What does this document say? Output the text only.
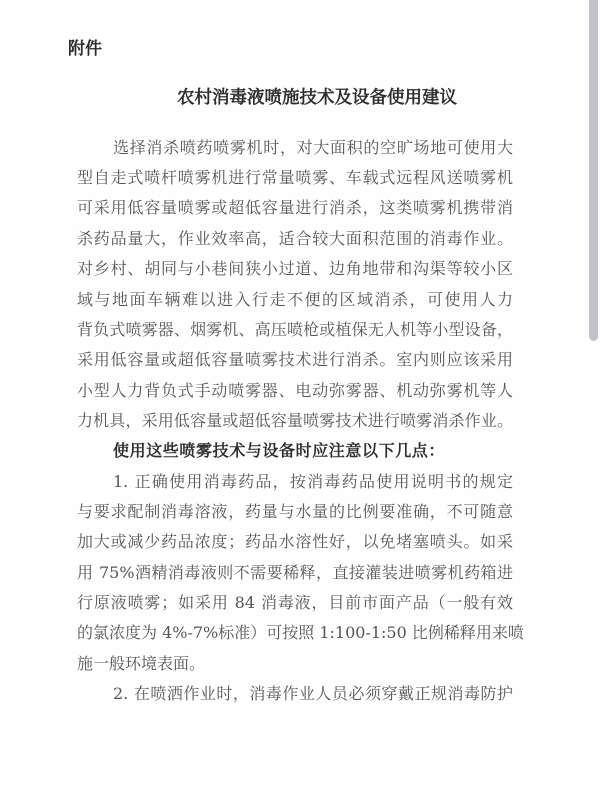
附件
农村消毒液喷施技术及设备使用建议
选择消杀喷药喷雾机时，对大面积的空旷场地可使用大
型自走式喷杆喷雾机进行常量喷雾、车载式远程风送喷雾机
可采用低容量喷雾或超低容量进行消杀，这类喷雾机携带消
杀药品量大，作业效率高，适合较大面积范围的消毒作业。
对乡村、胡同与小巷间狭小过道、边角地带和沟渠等较小区
域与地面车辆难以进入行走不便的区域消杀，可使用人力
背负式喷雾器、烟雾机、高压喷枪或植保无人机等小型设备，
采用低容量或超低容量喷雾技术进行消杀。室内则应该采用
小型人力背负式手动喷雾器、电动弥雾器、机动弥雾机等人
力机具，采用低容量或超低容量喷雾技术进行喷雾消杀作业。
使用这些喷雾技术与设备时应注意以下几点：
1. 正确使用消毒药品，按消毒药品使用说明书的规定
与要求配制消毒溶液，药量与水量的比例要准确，不可随意
加大或减少药品浓度；药品水溶性好，以免堵塞喷头。如采
用 75%酒精消毒液则不需要稀释，直接灌装进喷雾机药箱进
行原液喷雾；如采用 84 消毒液，目前市面产品（一般有效
的氯浓度为 4%-7%标准）可按照 1:100-1:50 比例稀释用来喷
施一般环境表面。
2. 在喷洒作业时，消毒作业人员必须穿戴正规消毒防护
